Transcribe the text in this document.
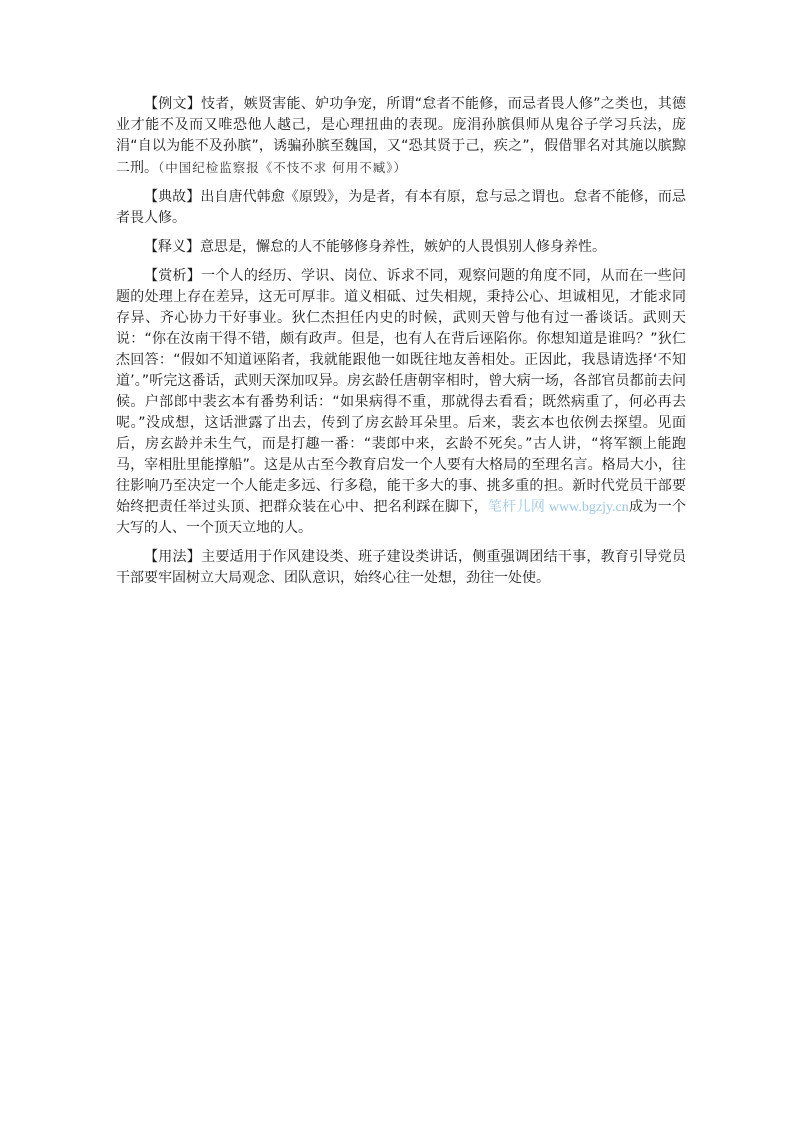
【例文】忮者，嫉贤害能、妒功争宠，所谓“怠者不能修，而忌者畏人修”之类也，其德业才能不及而又唯恐他人越己，是心理扭曲的表现。庞涓孙膑俱师从鬼谷子学习兵法，庞涓“自以为能不及孙膑”，诱骗孙膑至魏国，又“恐其贤于己，疾之”，假借罪名对其施以膑黥二刑。（中国纪检监察报《不忮不求 何用不臧》）

【典故】出自唐代韩愈《原毁》，为是者，有本有原，怠与忌之谓也。怠者不能修，而忌者畏人修。

【释义】意思是，懈怠的人不能够修身养性，嫉妒的人畏惧别人修身养性。

【赏析】一个人的经历、学识、岗位、诉求不同，观察问题的角度不同，从而在一些问题的处理上存在差异，这无可厚非。道义相砥、过失相规，秉持公心、坦诚相见，才能求同存异、齐心协力干好事业。狄仁杰担任内史的时候，武则天曾与他有过一番谈话。武则天说：“你在汝南干得不错，颇有政声。但是，也有人在背后诬陷你。你想知道是谁吗？”狄仁杰回答：“假如不知道诬陷者，我就能跟他一如既往地友善相处。正因此，我恳请选择‘不知道’。”听完这番话，武则天深加叹异。房玄龄任唐朝宰相时，曾大病一场，各部官员都前去问候。户部郎中裴玄本有番势利话：“如果病得不重，那就得去看看；既然病重了，何必再去呢。”没成想，这话泄露了出去，传到了房玄龄耳朵里。后来，裴玄本也依例去探望。见面后，房玄龄并未生气，而是打趣一番：“裴郎中来，玄龄不死矣。”古人讲，“将军额上能跑马，宰相肚里能撑船”。这是从古至今教育启发一个人要有大格局的至理名言。格局大小，往往影响乃至决定一个人能走多远、行多稳，能干多大的事、挑多重的担。新时代党员干部要始终把责任举过头顶、把群众装在心中、把名利踩在脚下，笔杆儿网 www.bgzjy.cn成为一个大写的人、一个顶天立地的人。

【用法】主要适用于作风建设类、班子建设类讲话，侧重强调团结干事，教育引导党员干部要牢固树立大局观念、团队意识，始终心往一处想，劲往一处使。
